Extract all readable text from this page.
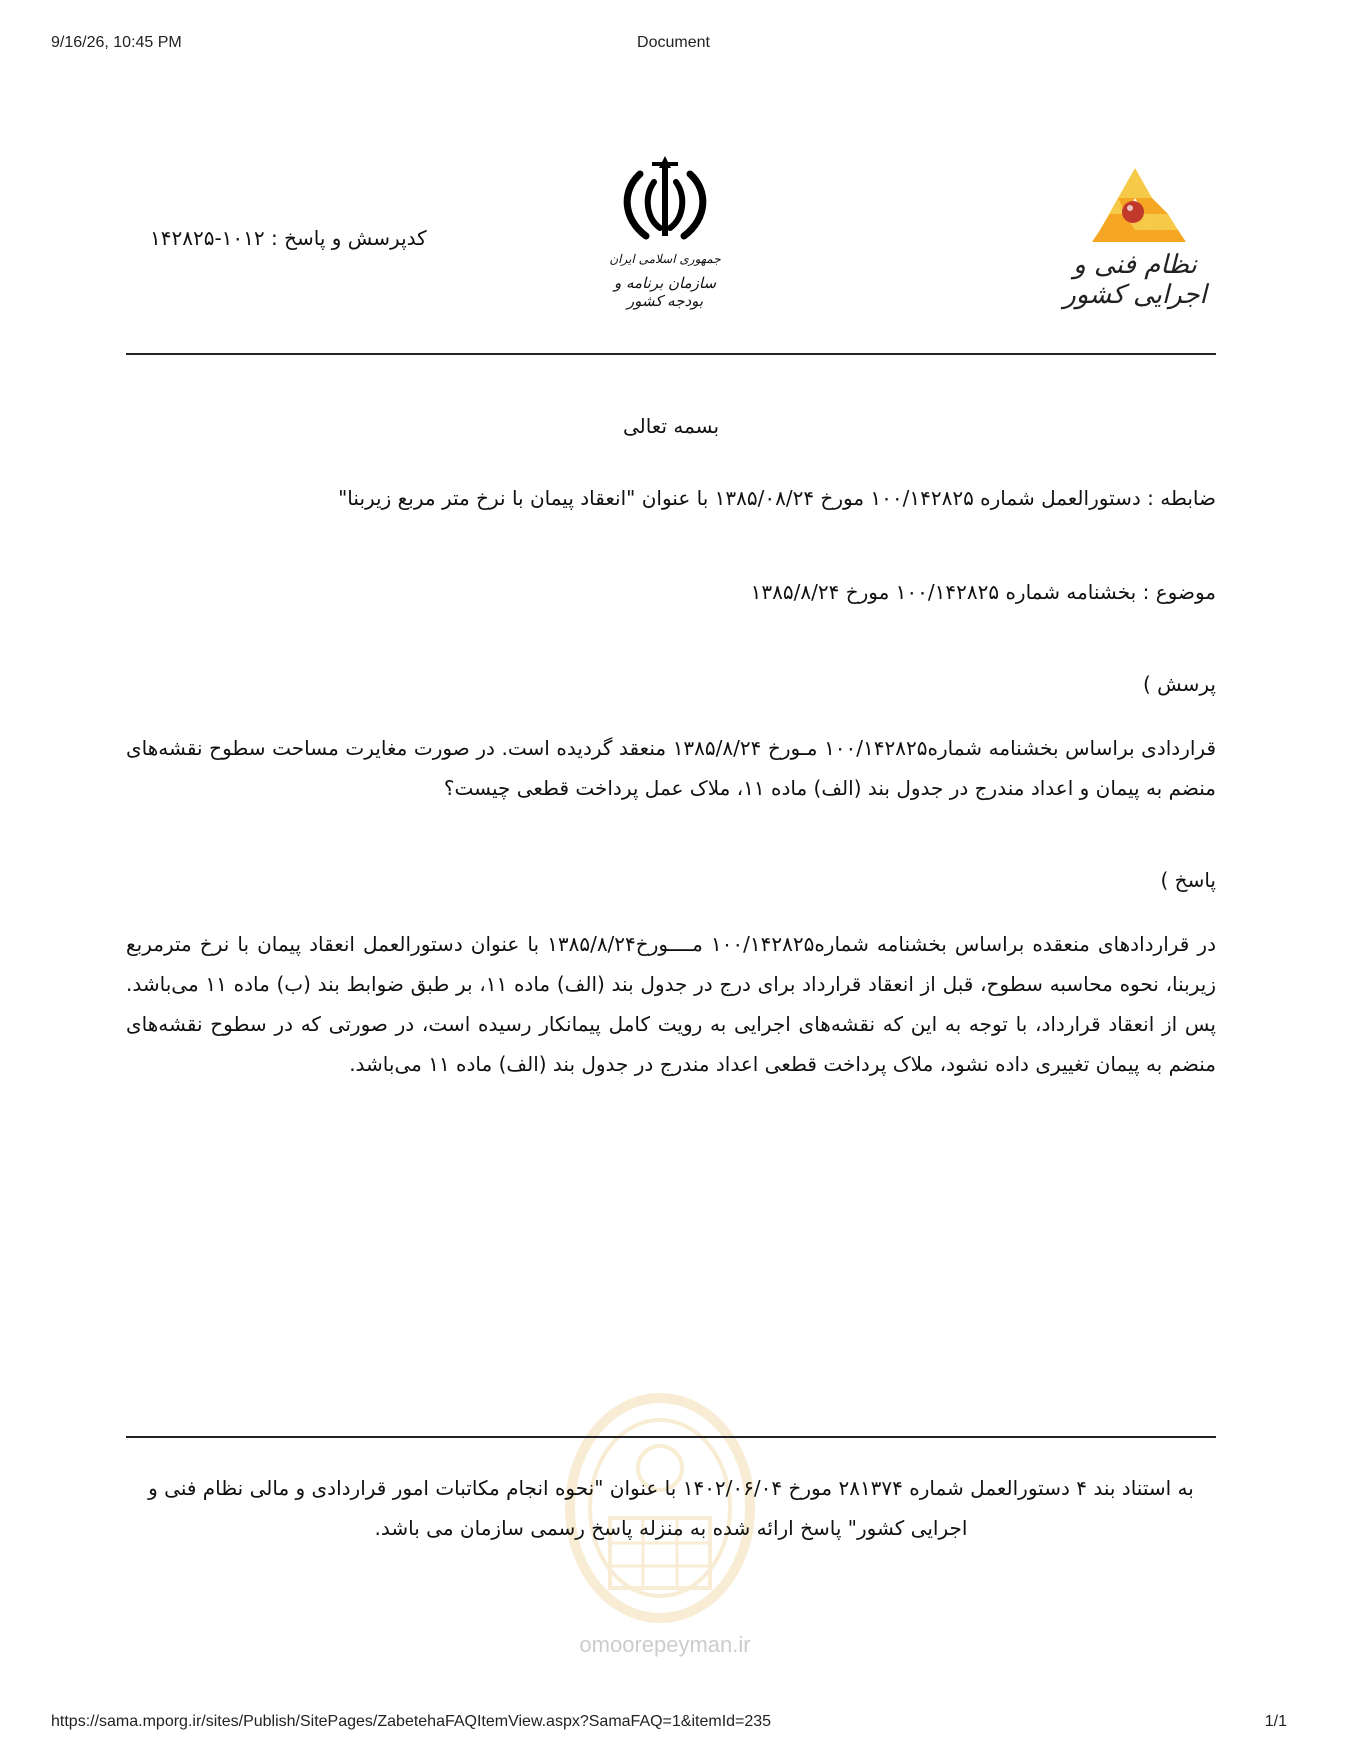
9/16/26, 10:45 PM	Document
نظام فنی و اجرایی کشور
جمهوری اسلامی ایران
سازمان برنامه و بودجه کشور
کدپرسش و پاسخ : ۱۰۱۲-۱۴۲۸۲۵
بسمه تعالی
ضابطه : دستورالعمل شماره ۱۰۰/۱۴۲۸۲۵ مورخ ۱۳۸۵/۰۸/۲۴ با عنوان "انعقاد پیمان با نرخ متر مربع زیربنا"
موضوع : بخشنامه شماره ۱۰۰/۱۴۲۸۲۵ مورخ ۱۳۸۵/۸/۲۴
پرسش )
قراردادی براساس بخشنامه شماره۱۰۰/۱۴۲۸۲۵ مـورخ ۱۳۸۵/۸/۲۴ منعقد گردیده است. در صورت مغایرت مساحت سطوح نقشه‌های منضم به پیمان و اعداد مندرج در جدول بند (الف) ماده ۱۱، ملاک عمل پرداخت قطعی چیست؟
پاسخ )
در قراردادهای منعقده براساس بخشنامه شماره۱۰۰/۱۴۲۸۲۵ مــــورخ۱۳۸۵/۸/۲۴ با عنوان دستورالعمل انعقاد پیمان با نرخ مترمربع زیربنا، نحوه محاسبه سطوح، قبل از انعقاد قرارداد برای درج در جدول بند (الف) ماده ۱۱، بر طبق ضوابط بند (ب) ماده ۱۱ می‌باشد. پس از انعقاد قرارداد، با توجه به این که نقشه‌های اجرایی به رویت کامل پیمانکار رسیده است، در صورتی که در سطوح نقشه‌های منضم به پیمان تغییری داده نشود، ملاک پرداخت قطعی اعداد مندرج در جدول بند (الف) ماده ۱۱ می‌باشد.
به استناد بند ۴ دستورالعمل شماره ۲۸۱۳۷۴ مورخ ۱۴۰۲/۰۶/۰۴ با عنوان "نحوه انجام مکاتبات امور قراردادی و مالی نظام فنی و اجرایی کشور" پاسخ ارائه شده به منزله پاسخ رسمی سازمان می باشد.
omoorepeyman.ir
https://sama.mporg.ir/sites/Publish/SitePages/ZabetehaFAQItemView.aspx?SamaFAQ=1&itemId=235	1/1
